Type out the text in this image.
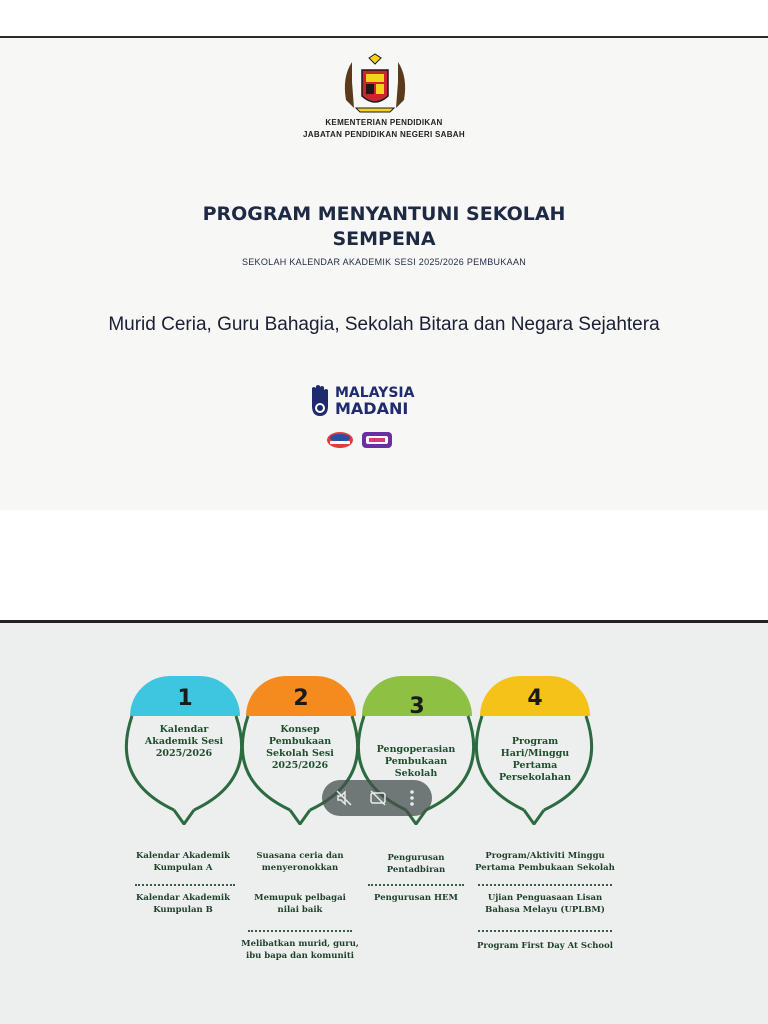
KEMENTERIAN PENDIDIKAN
JABATAN PENDIDIKAN NEGERI SABAH
PROGRAM MENYANTUNI SEKOLAH
SEMPENA
SEKOLAH KALENDAR AKADEMIK SESI 2025/2026 PEMBUKAAN
Murid Ceria, Guru Bahagia, Sekolah Bitara dan Negara Sejahtera
MALAYSIA
MADANI
1
Kalendar Akademik Sesi 2025/2026
Kalendar Akademik Kumpulan A
Kalendar Akademik Kumpulan B
2
Konsep Pembukaan Sekolah Sesi 2025/2026
Suasana ceria dan menyeronokkan
Memupuk pelbagai nilai baik
Melibatkan murid, guru, ibu bapa dan komuniti
3
Pengoperasian Pembukaan Sekolah
Pengurusan Pentadbiran
Pengurusan HEM
4
Program Hari/Minggu Pertama Persekolahan
Program/Aktiviti Minggu Pertama Pembukaan Sekolah
Ujian Penguasaan Lisan Bahasa Melayu (UPLBM)
Program First Day At School
